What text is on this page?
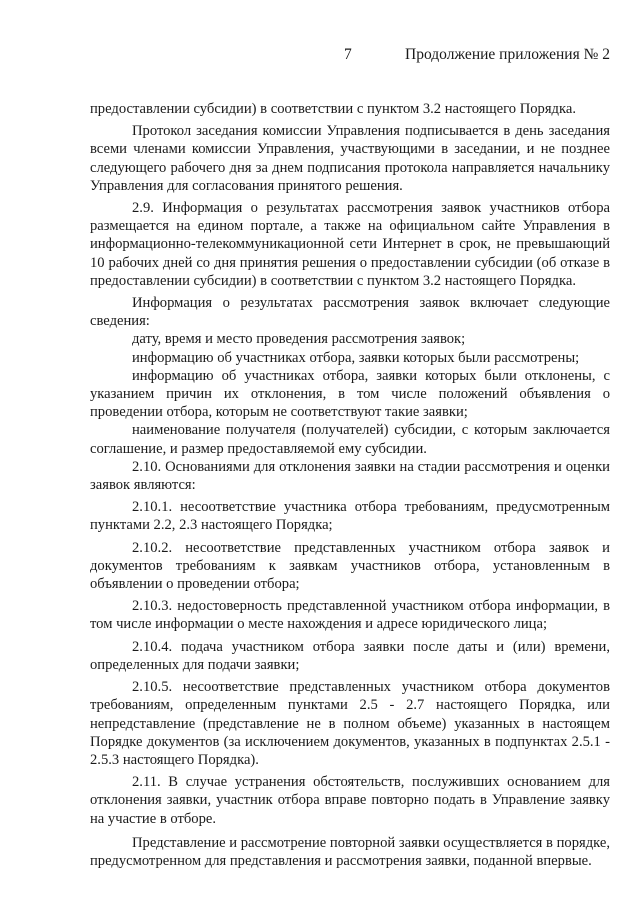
7	Продолжение приложения № 2

предоставлении субсидии) в соответствии с пунктом 3.2 настоящего Порядка.

Протокол заседания комиссии Управления подписывается в день заседания всеми членами комиссии Управления, участвующими в заседании, и не позднее следующего рабочего дня за днем подписания протокола направляется начальнику Управления для согласования принятого решения.

2.9. Информация о результатах рассмотрения заявок участников отбора размещается на едином портале, а также на официальном сайте Управления в информационно-телекоммуникационной сети Интернет в срок, не превышающий 10 рабочих дней со дня принятия решения о предоставлении субсидии (об отказе в предоставлении субсидии) в соответствии с пунктом 3.2 настоящего Порядка.

Информация о результатах рассмотрения заявок включает следующие сведения:

дату, время и место проведения рассмотрения заявок;

информацию об участниках отбора, заявки которых были рассмотрены;

информацию об участниках отбора, заявки которых были отклонены, с указанием причин их отклонения, в том числе положений объявления о проведении отбора, которым не соответствуют такие заявки;

наименование получателя (получателей) субсидии, с которым заключается соглашение, и размер предоставляемой ему субсидии.

2.10. Основаниями для отклонения заявки на стадии рассмотрения и оценки заявок являются:

2.10.1. несоответствие участника отбора требованиям, предусмотренным пунктами 2.2, 2.3 настоящего Порядка;

2.10.2. несоответствие представленных участником отбора заявок и документов требованиям к заявкам участников отбора, установленным в объявлении о проведении отбора;

2.10.3. недостоверность представленной участником отбора информации, в том числе информации о месте нахождения и адресе юридического лица;

2.10.4. подача участником отбора заявки после даты и (или) времени, определенных для подачи заявки;

2.10.5. несоответствие представленных участником отбора документов требованиям, определенным пунктами 2.5 - 2.7 настоящего Порядка, или непредставление (представление не в полном объеме) указанных в настоящем Порядке документов (за исключением документов, указанных в подпунктах 2.5.1 - 2.5.3 настоящего Порядка).

2.11. В случае устранения обстоятельств, послуживших основанием для отклонения заявки, участник отбора вправе повторно подать в Управление заявку на участие в отборе.

Представление и рассмотрение повторной заявки осуществляется в порядке, предусмотренном для представления и рассмотрения заявки, поданной впервые.
